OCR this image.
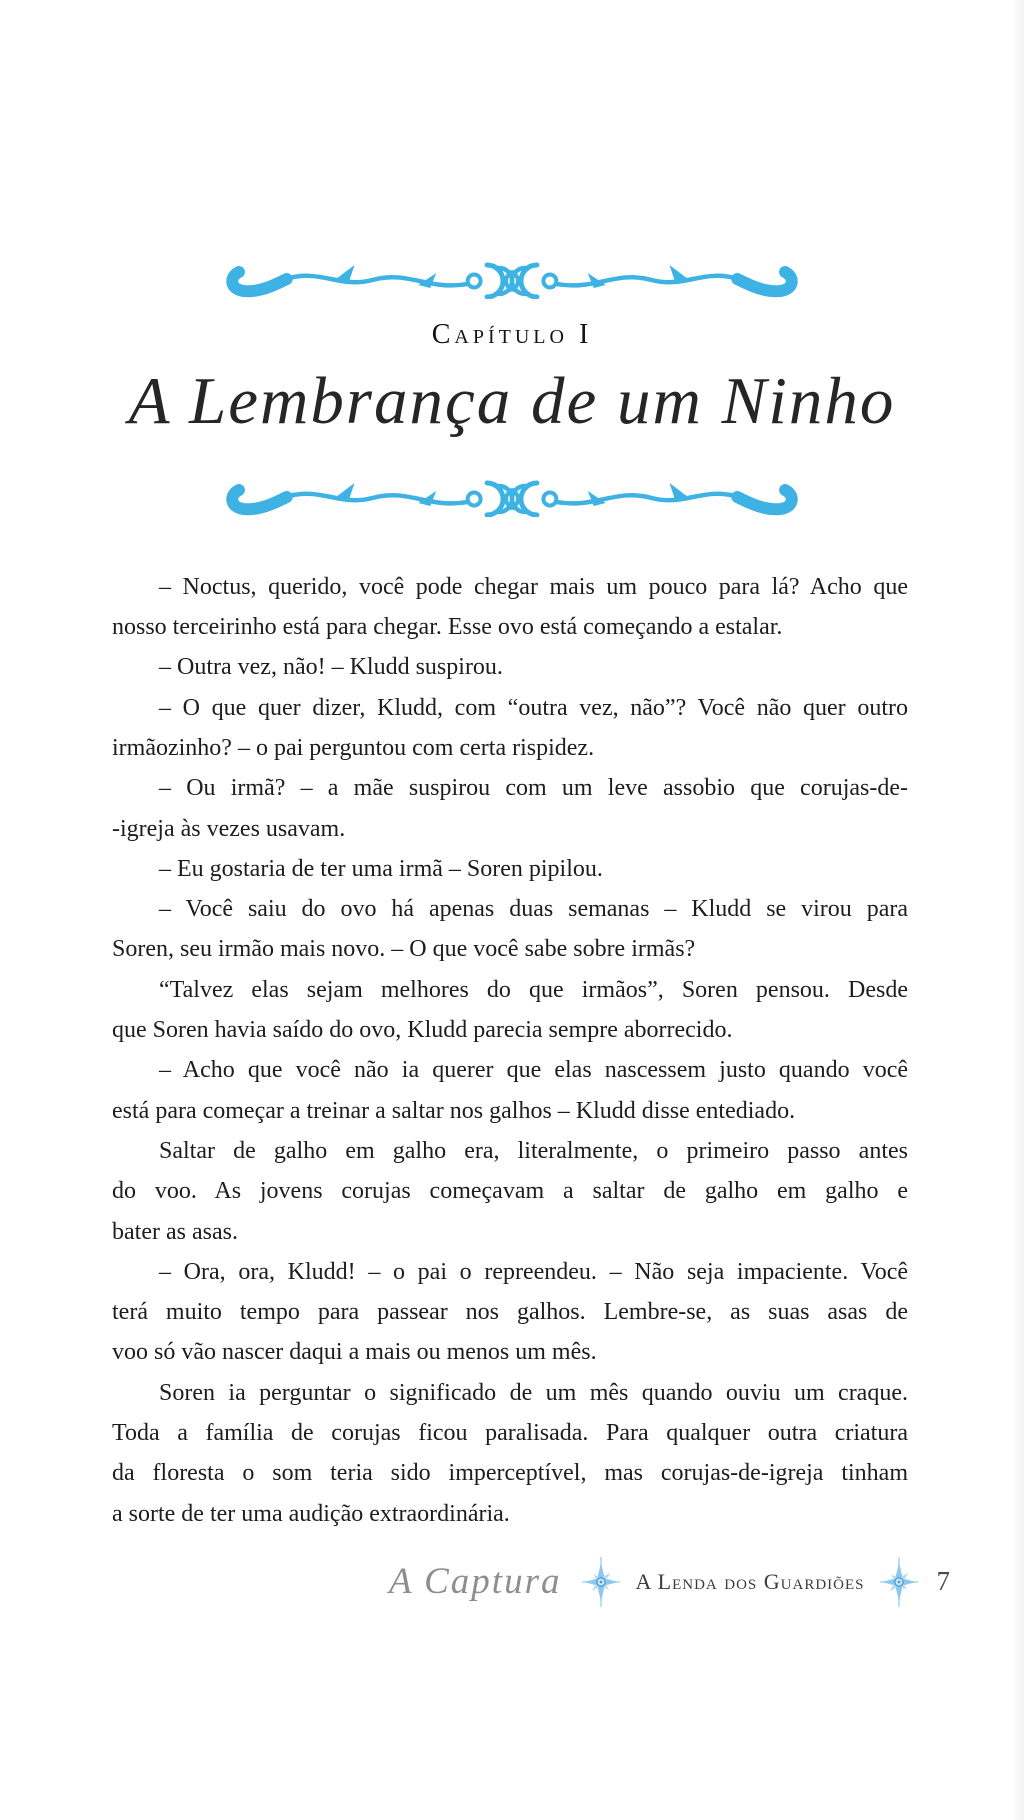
Capítulo I
A Lembrança de um Ninho
– Noctus, querido, você pode chegar mais um pouco para lá? Acho que
nosso terceirinho está para chegar. Esse ovo está começando a estalar.
– Outra vez, não! – Kludd suspirou.
– O que quer dizer, Kludd, com “outra vez, não”? Você não quer outro
irmãozinho? – o pai perguntou com certa rispidez.
– Ou irmã? – a mãe suspirou com um leve assobio que corujas-de-
-igreja às vezes usavam.
– Eu gostaria de ter uma irmã – Soren pipilou.
– Você saiu do ovo há apenas duas semanas – Kludd se virou para
Soren, seu irmão mais novo. – O que você sabe sobre irmãs?
“Talvez elas sejam melhores do que irmãos”, Soren pensou. Desde
que Soren havia saído do ovo, Kludd parecia sempre aborrecido.
– Acho que você não ia querer que elas nascessem justo quando você
está para começar a treinar a saltar nos galhos – Kludd disse entediado.
Saltar de galho em galho era, literalmente, o primeiro passo antes
do voo. As jovens corujas começavam a saltar de galho em galho e
bater as asas.
– Ora, ora, Kludd! – o pai o repreendeu. – Não seja impaciente. Você
terá muito tempo para passear nos galhos. Lembre-se, as suas asas de
voo só vão nascer daqui a mais ou menos um mês.
Soren ia perguntar o significado de um mês quando ouviu um craque.
Toda a família de corujas ficou paralisada. Para qualquer outra criatura
da floresta o som teria sido imperceptível, mas corujas-de-igreja tinham
a sorte de ter uma audição extraordinária.
A Captura	A Lenda dos Guardiões	7
